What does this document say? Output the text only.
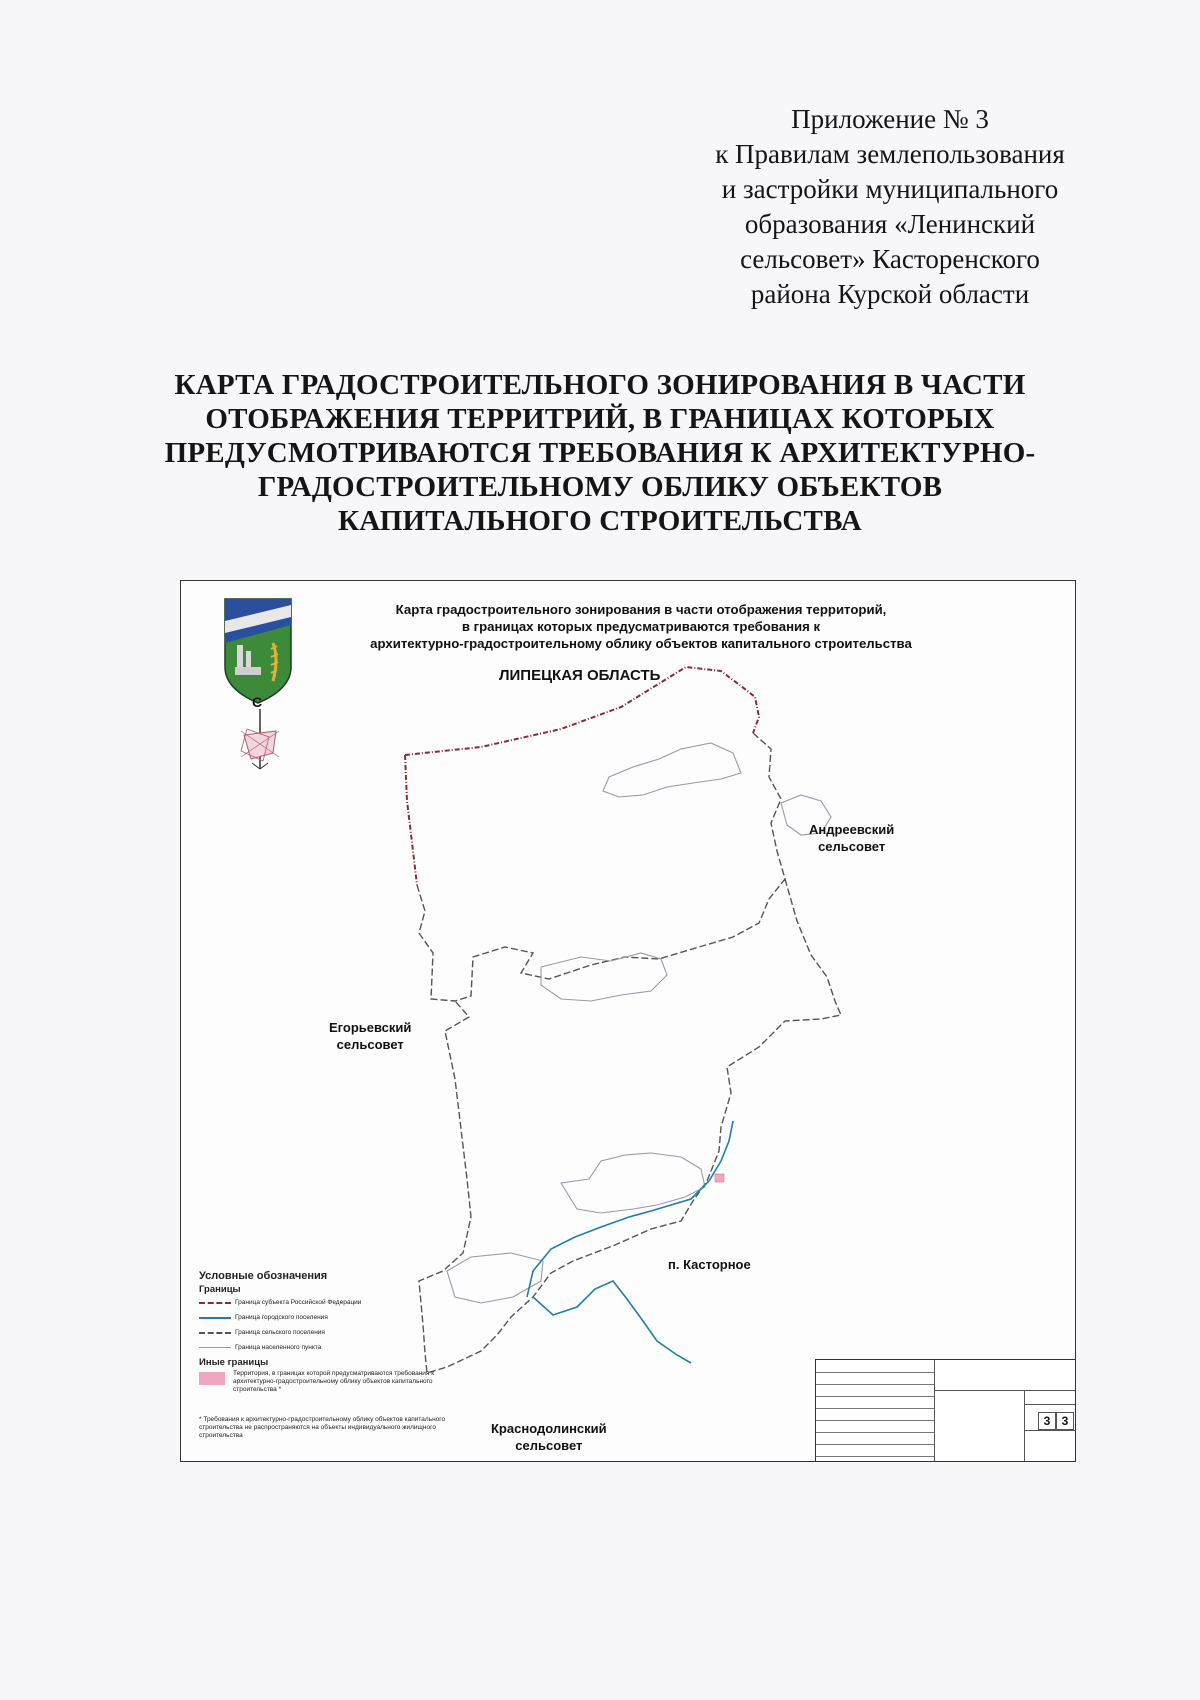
Приложение № 3
к Правилам землепользования
и застройки муниципального
образования «Ленинский
сельсовет» Касторенского
района Курской области
КАРТА ГРАДОСТРОИТЕЛЬНОГО ЗОНИРОВАНИЯ В ЧАСТИ
ОТОБРАЖЕНИЯ ТЕРРИТРИЙ, В ГРАНИЦАХ КОТОРЫХ
ПРЕДУСМОТРИВАЮТСЯ ТРЕБОВАНИЯ К АРХИТЕКТУРНО-
ГРАДОСТРОИТЕЛЬНОМУ ОБЛИКУ ОБЪЕКТОВ
КАПИТАЛЬНОГО СТРОИТЕЛЬСТВА
Карта градостроительного зонирования в части отображения территорий,
в границах которых предусматриваются требования к
архитектурно-градостроительному облику объектов капитального строительства
С
ЛИПЕЦКАЯ ОБЛАСТЬ
Андреевский
сельсовет
Егорьевский
сельсовет
п. Касторное
Краснодолинский
сельсовет
Условные обозначения
Границы
Граница субъекта Российской Федерации
Граница городского поселения
Граница сельского поселения
Граница населенного пункта
Иные границы
Территория, в границах которой предусматриваются требования к архитектурно-градостроительному облику объектов капитального строительства *
* Требования к архитектурно-градостроительному облику объектов капитального строительства не распространяются на объекты индивидуального жилищного строительства
3 3
